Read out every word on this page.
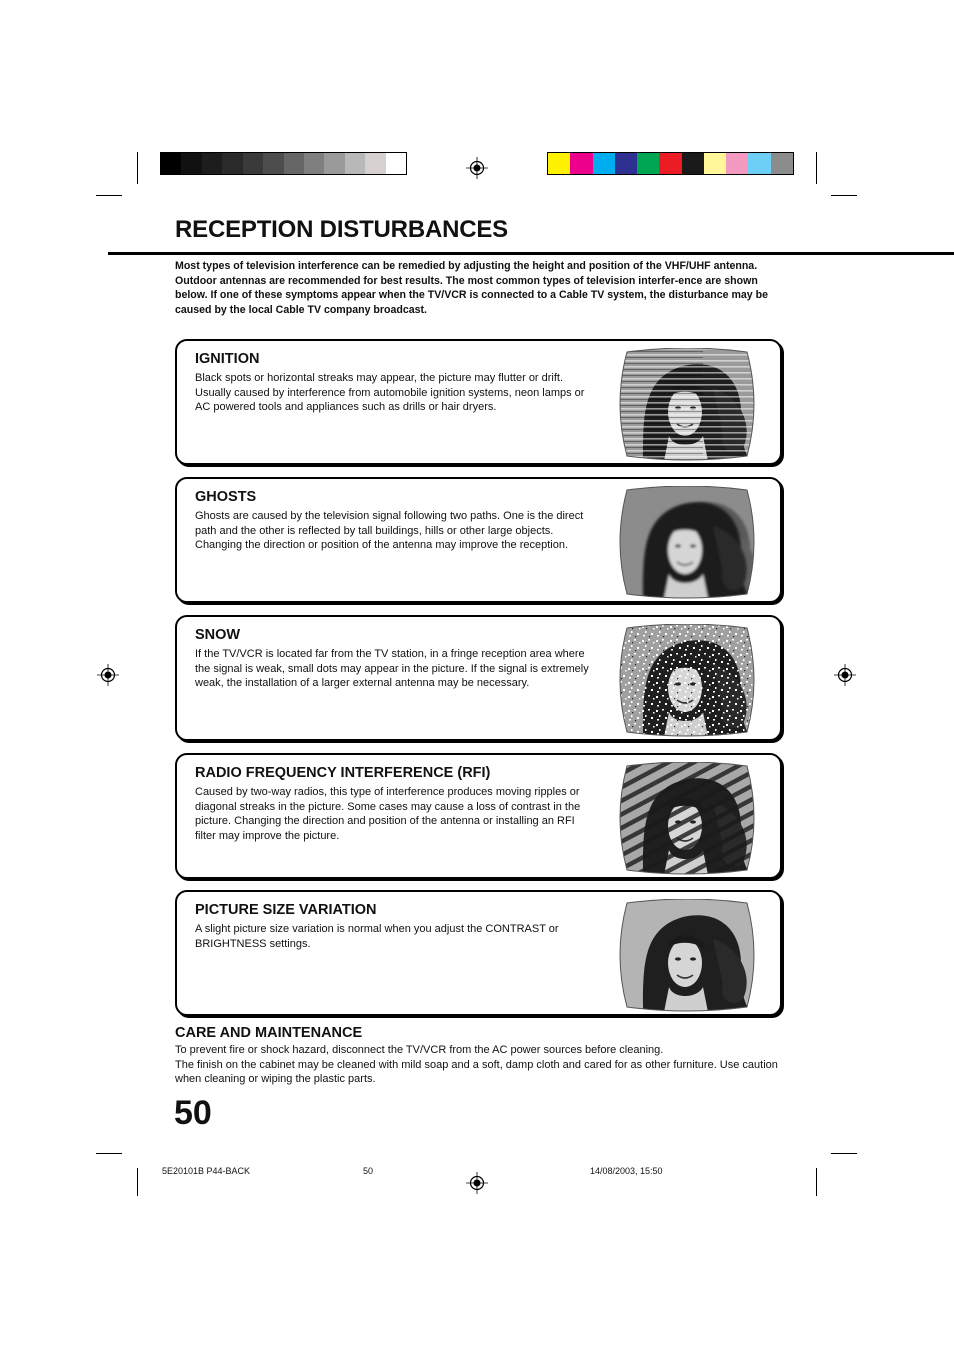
RECEPTION DISTURBANCES

Most types of television interference can be remedied by adjusting the height and position of the VHF/UHF antenna. Outdoor antennas are recommended for best results. The most common types of television interfer-ence are shown below. If one of these symptoms appear when the TV/VCR is connected to a Cable TV system, the disturbance may be caused by the local Cable TV company broadcast.

IGNITION

Black spots or horizontal streaks may appear, the picture may flutter or drift. Usually caused by interference from automobile ignition systems, neon lamps or AC powered tools and appliances such as drills or hair dryers.

GHOSTS

Ghosts are caused by the television signal following two paths. One is the direct path and the other is reflected by tall buildings, hills or other large objects. Changing the direction or position of the antenna may improve the reception.

SNOW

If the TV/VCR is located far from the TV station, in a fringe reception area where the signal is weak, small dots may appear in the picture. If the signal is extremely weak, the installation of a larger external antenna may be necessary.

RADIO FREQUENCY INTERFERENCE (RFI)

Caused by two-way radios, this type of interference produces moving ripples or diagonal streaks in the picture. Some cases may cause a loss of contrast in the picture. Changing the direction and position of the antenna or installing an RFI filter may improve the picture.

PICTURE SIZE VARIATION

A slight picture size variation is normal when you adjust the CONTRAST or BRIGHTNESS settings.

CARE AND MAINTENANCE
To prevent fire or shock hazard, disconnect the TV/VCR from the AC power sources before cleaning.
The finish on the cabinet may be cleaned with mild soap and a soft, damp cloth and cared for as other furniture. Use caution when cleaning or wiping the plastic parts.
50
5E20101B P44-BACK	50	14/08/2003, 15:50
